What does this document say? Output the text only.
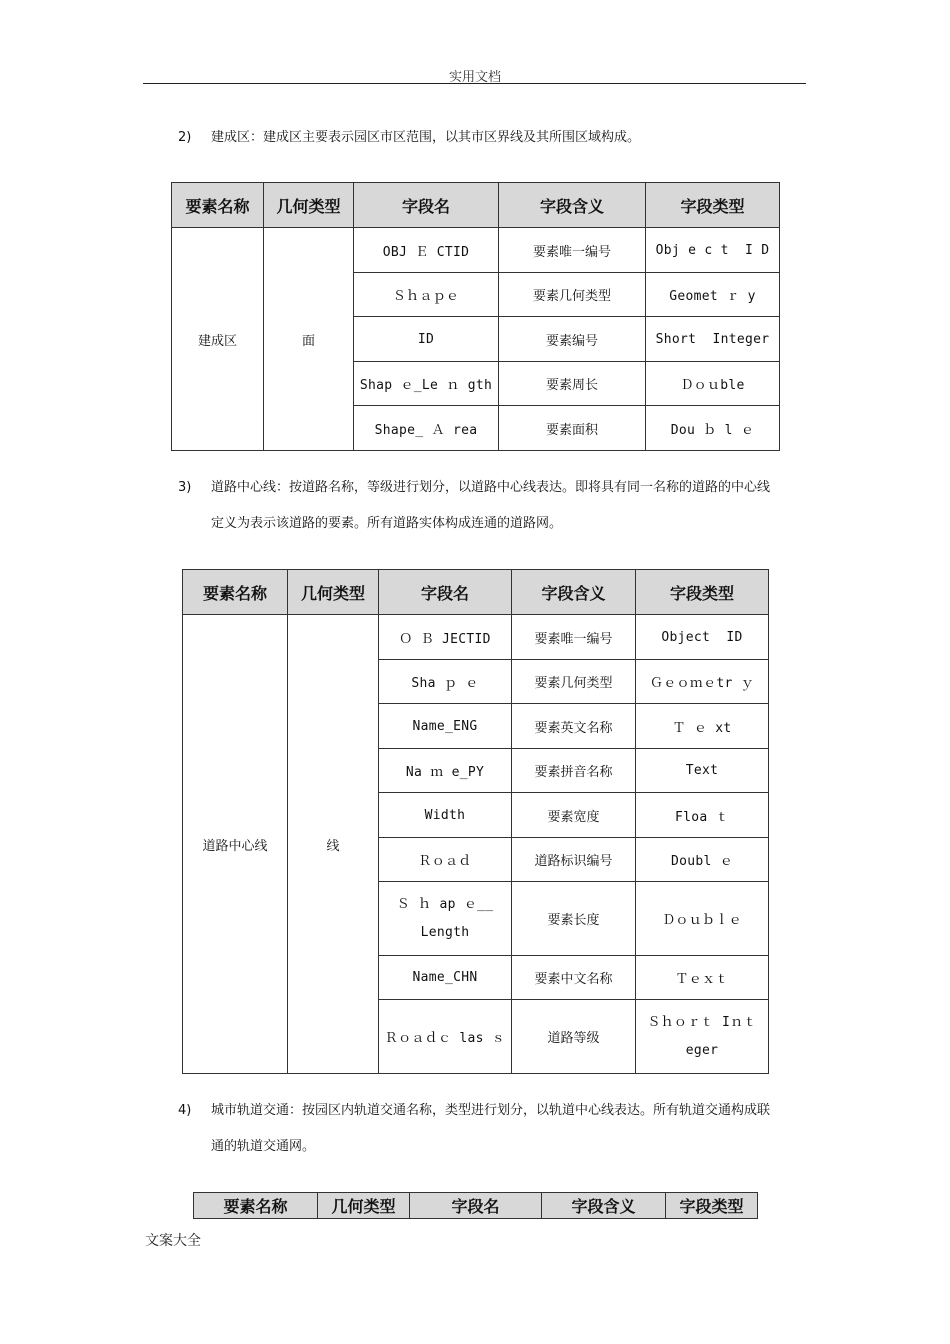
实用文档
2) 建成区：建成区主要表示园区市区范围，以其市区界线及其所围区域构成。
要素名称	几何类型	字段名	字段含义	字段类型
建成区	面	OBJ Ｅ CTID	要素唯一编号	Obj e c t  I D
		Ｓｈａｐｅ	要素几何类型	Geomet ｒ y
		ID	要素编号	Short  Integer
		Shap ｅ_Le ｎ gth	要素周长	Ｄｏｕble
		Shape_ Ａ rea	要素面积	Dou ｂ l ｅ
3) 道路中心线：按道路名称，等级进行划分，以道路中心线表达。即将具有同一名称的道路的中心线
定义为表示该道路的要素。所有道路实体构成连通的道路网。
要素名称	几何类型	字段名	字段含义	字段类型
道路中心线	线	Ｏ Ｂ JECTID	要素唯一编号	Object  ID
		Sha ｐ ｅ	要素几何类型	Ｇｅｏｍｅtr ｙ
		Name_ENG	要素英文名称	Ｔ ｅ xt
		Na ｍ e_PY	要素拼音名称	Text
		Width	要素宽度	Floa ｔ
		Ｒｏａｄ	道路标识编号	Doubl ｅ
		Ｓ ｈ ap ｅ__ Length	要素长度	Ｄｏｕｂｌｅ
		Name_CHN	要素中文名称	Ｔｅｘｔ
		Ｒｏａｄｃ las ｓ	道路等级	Ｓｈｏｒｔ Iｎｔ eger
4) 城市轨道交通：按园区内轨道交通名称，类型进行划分，以轨道中心线表达。所有轨道交通构成联
通的轨道交通网。
要素名称	几何类型	字段名	字段含义	字段类型
文案大全
